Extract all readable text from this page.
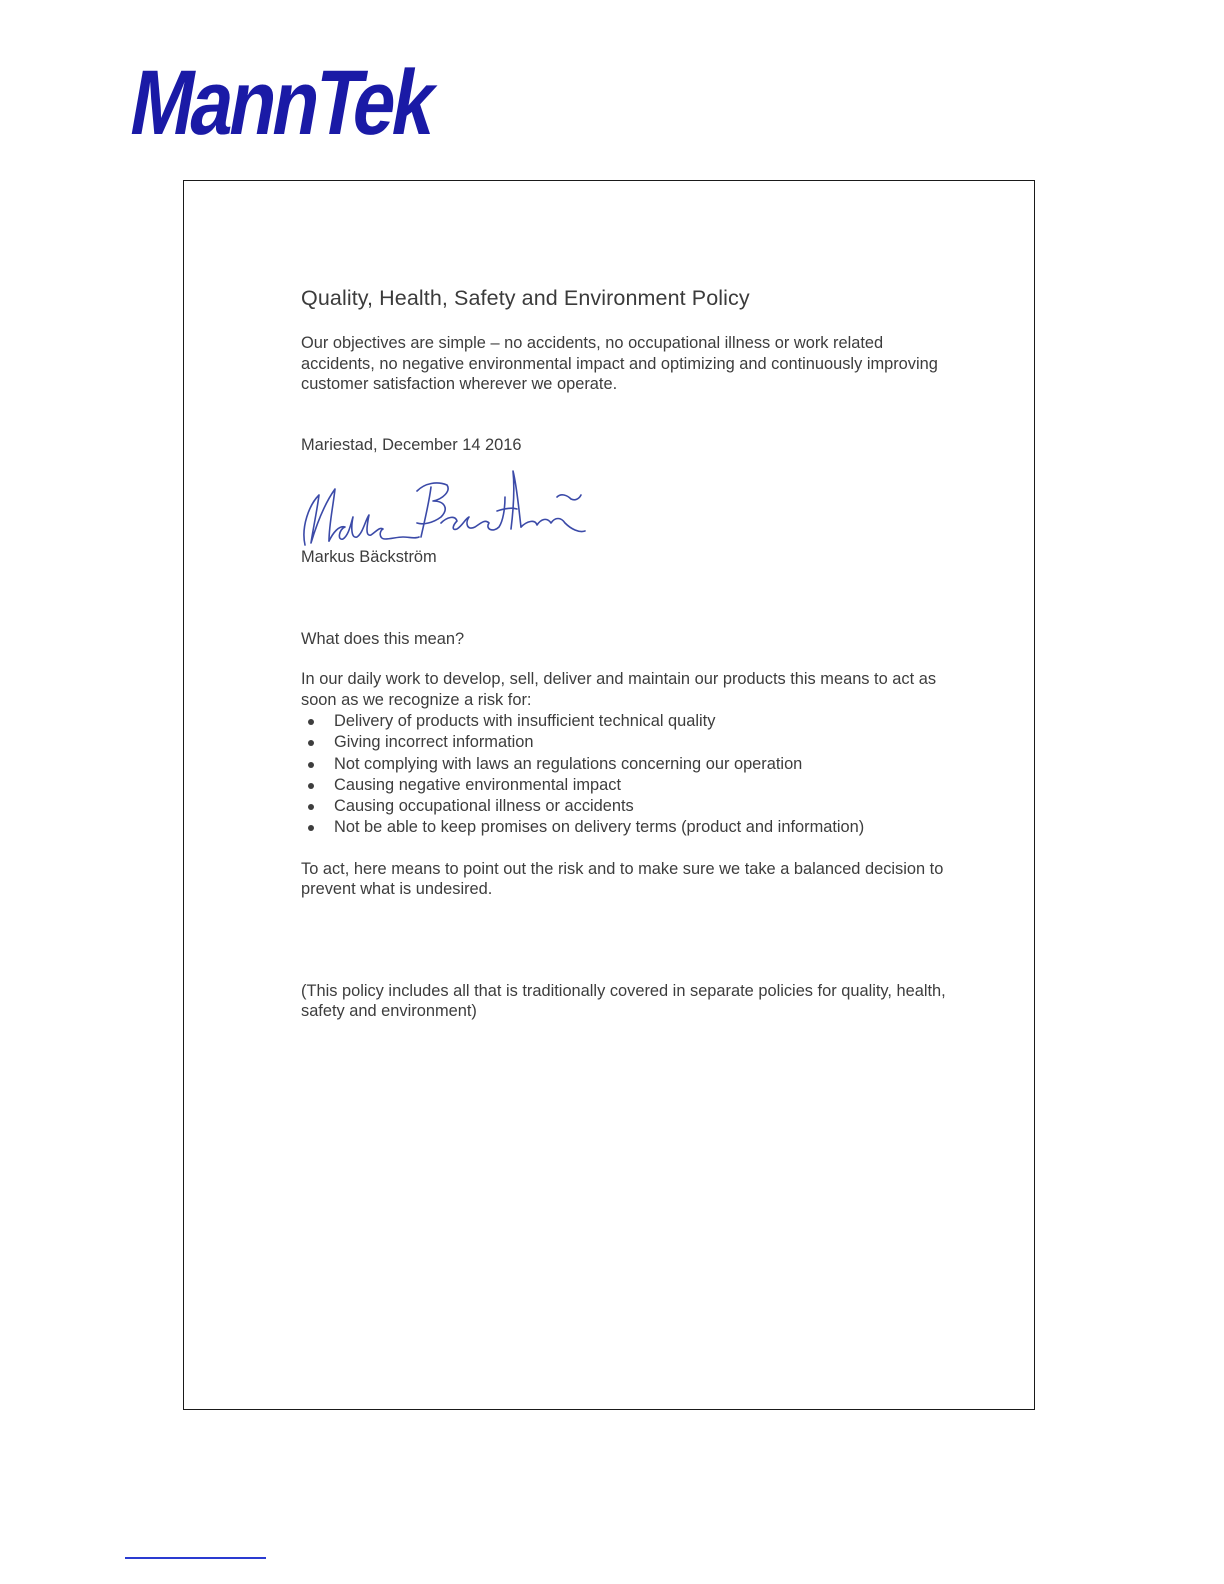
MannTek
Quality, Health, Safety and Environment Policy

Our objectives are simple – no accidents, no occupational illness or work related accidents, no negative environmental impact and optimizing and continuously improving customer satisfaction wherever we operate.

Mariestad, December 14 2016

Markus Bäckström

What does this mean?

In our daily work to develop, sell, deliver and maintain our products this means to act as soon as we recognize a risk for:

Delivery of products with insufficient technical quality
Giving incorrect information
Not complying with laws an regulations concerning our operation
Causing negative environmental impact
Causing occupational illness or accidents
Not be able to keep promises on delivery terms (product and information)

To act, here means to point out the risk and to make sure we take a balanced decision to prevent what is undesired.

(This policy includes all that is traditionally covered in separate policies for quality, health, safety and environment)
